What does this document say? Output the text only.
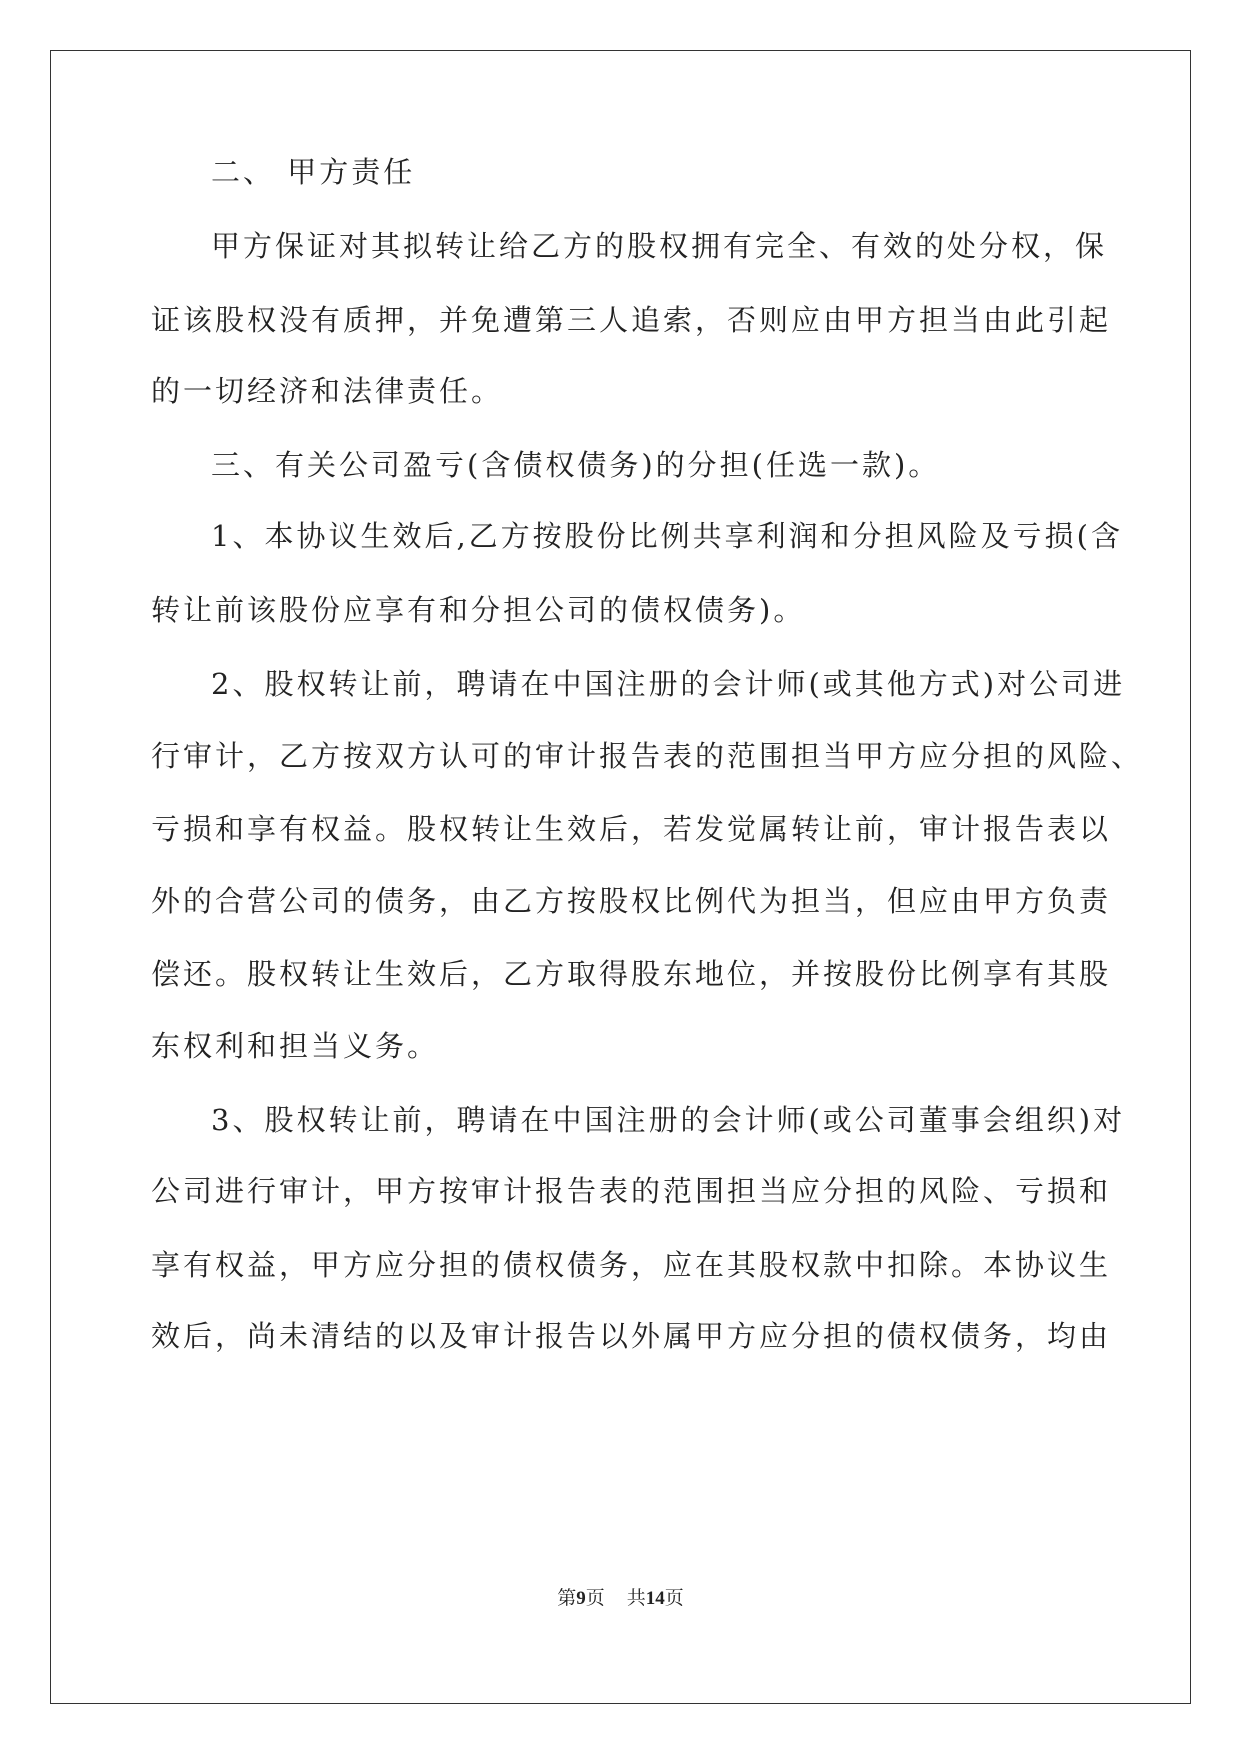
二、 甲方责任
甲方保证对其拟转让给乙方的股权拥有完全、有效的处分权，保
证该股权没有质押，并免遭第三人追索，否则应由甲方担当由此引起
的一切经济和法律责任。
三、有关公司盈亏(含债权债务)的分担(任选一款)。
1、本协议生效后,乙方按股份比例共享利润和分担风险及亏损(含
转让前该股份应享有和分担公司的债权债务)。
2、股权转让前，聘请在中国注册的会计师(或其他方式)对公司进
行审计，乙方按双方认可的审计报告表的范围担当甲方应分担的风险、
亏损和享有权益。股权转让生效后，若发觉属转让前，审计报告表以
外的合营公司的债务，由乙方按股权比例代为担当，但应由甲方负责
偿还。股权转让生效后，乙方取得股东地位，并按股份比例享有其股
东权利和担当义务。
3、股权转让前，聘请在中国注册的会计师(或公司董事会组织)对
公司进行审计，甲方按审计报告表的范围担当应分担的风险、亏损和
享有权益，甲方应分担的债权债务，应在其股权款中扣除。本协议生
效后，尚未清结的以及审计报告以外属甲方应分担的债权债务，均由
第9页 共14页
